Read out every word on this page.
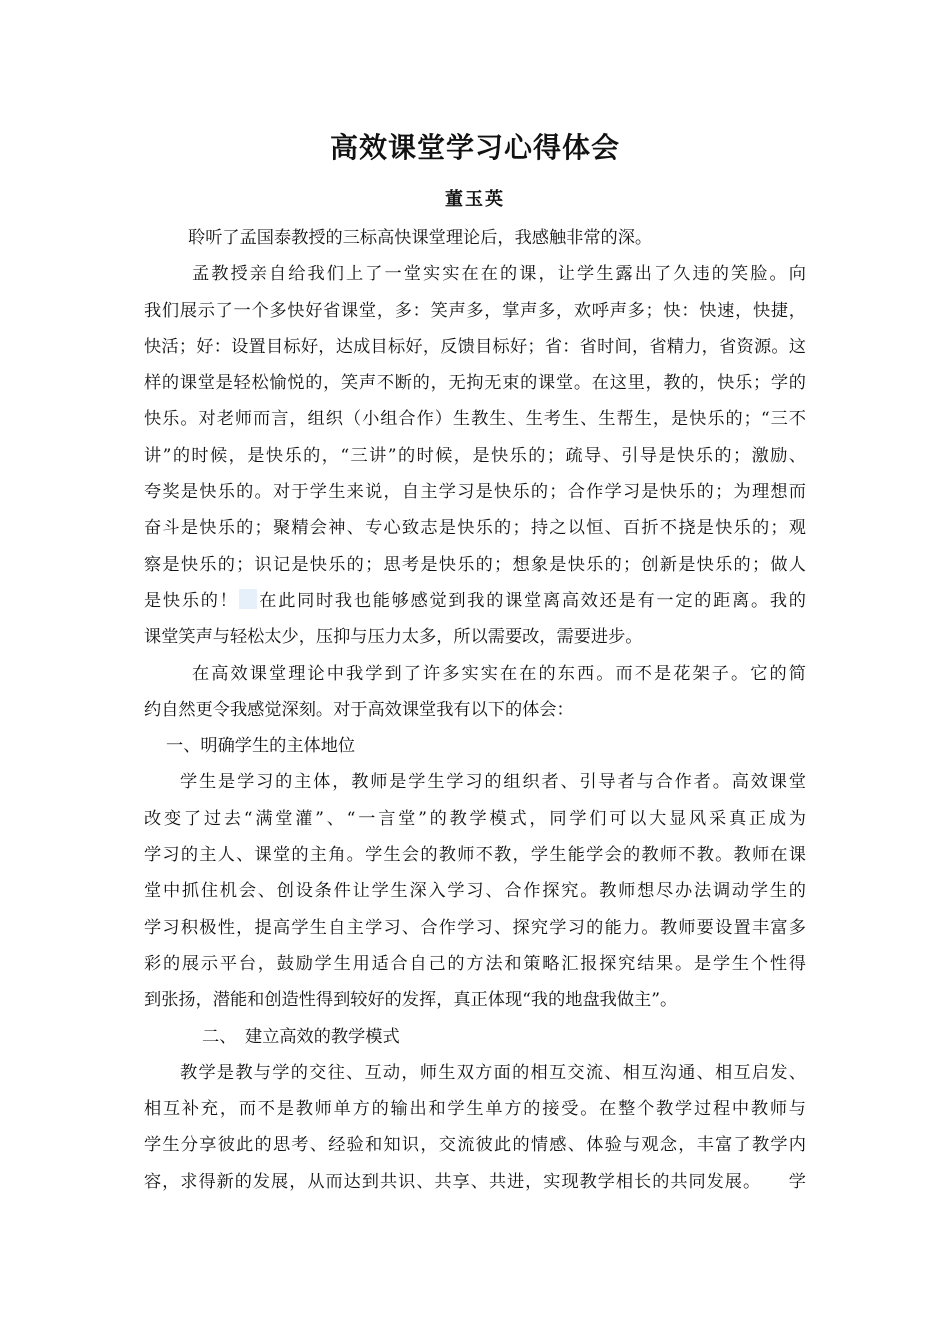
高效课堂学习心得体会
董玉英
聆听了孟国泰教授的三标高快课堂理论后，我感触非常的深。
孟教授亲自给我们上了一堂实实在在的课，让学生露出了久违的笑脸。向
我们展示了一个多快好省课堂，多：笑声多，掌声多，欢呼声多；快：快速，快捷，
快活；好：设置目标好，达成目标好，反馈目标好；省：省时间，省精力，省资源。这
样的课堂是轻松愉悦的，笑声不断的，无拘无束的课堂。在这里，教的，快乐；学的
快乐。对老师而言，组织（小组合作）生教生、生考生、生帮生，是快乐的；“三不
讲”的时候，是快乐的，“三讲”的时候，是快乐的；疏导、引导是快乐的；激励、
夸奖是快乐的。对于学生来说，自主学习是快乐的；合作学习是快乐的；为理想而
奋斗是快乐的；聚精会神、专心致志是快乐的；持之以恒、百折不挠是快乐的；观
察是快乐的；识记是快乐的；思考是快乐的；想象是快乐的；创新是快乐的；做人
是快乐的！ 在此同时我也能够感觉到我的课堂离高效还是有一定的距离。我的
课堂笑声与轻松太少，压抑与压力太多，所以需要改，需要进步。
在高效课堂理论中我学到了许多实实在在的东西。而不是花架子。它的简
约自然更令我感觉深刻。对于高效课堂我有以下的体会：
一、明确学生的主体地位
学生是学习的主体，教师是学生学习的组织者、引导者与合作者。高效课堂
改变了过去“满堂灌”、“一言堂”的教学模式，同学们可以大显风采真正成为
学习的主人、课堂的主角。学生会的教师不教，学生能学会的教师不教。教师在课
堂中抓住机会、创设条件让学生深入学习、合作探究。教师想尽办法调动学生的
学习积极性，提高学生自主学习、合作学习、探究学习的能力。教师要设置丰富多
彩的展示平台，鼓励学生用适合自己的方法和策略汇报探究结果。是学生个性得
到张扬，潜能和创造性得到较好的发挥，真正体现“我的地盘我做主”。
二、　建立高效的教学模式
教学是教与学的交往、互动，师生双方面的相互交流、相互沟通、相互启发、
相互补充，而不是教师单方的输出和学生单方的接受。在整个教学过程中教师与
学生分享彼此的思考、经验和知识，交流彼此的情感、体验与观念，丰富了教学内
容，求得新的发展，从而达到共识、共享、共进，实现教学相长的共同发展。　　学
